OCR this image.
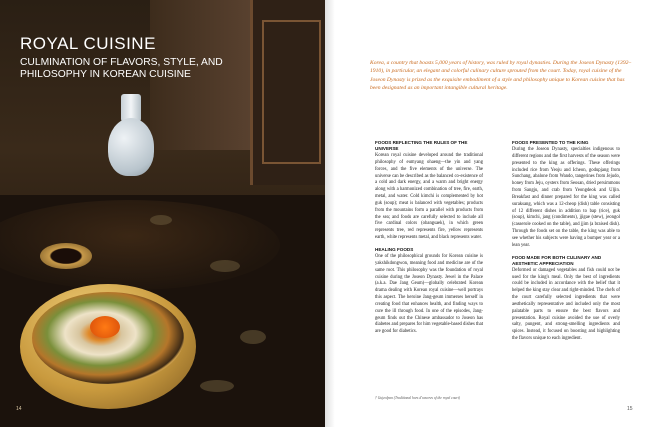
ROYAL CUISINE

CULMINATION OF FLAVORS, STYLE, AND PHILOSOPHY IN KOREAN CUISINE

14

Korea, a country that boasts 5,000 years of history, was ruled by royal dynasties. During the Joseon Dynasty (1392–1910), in particular, an elegant and colorful culinary culture sprouted from the court. Today, royal cuisine of the Joseon Dynasty is prized as the exquisite embodiment of a style and philosophy unique to Korean cuisine that has been designated as an important intangible cultural heritage.

FOODS REFLECTING THE RULES OF THE UNIVERSE

Korean royal cuisine developed around the traditional philosophy of eumyang ohaeng—the yin and yang forces, and the five elements of the universe. The universe can be described as the balanced co-existence of a cold and dark energy, and a warm and bright energy along with a harmonized combination of tree, fire, earth, metal, and water. Cold kimchi is complemented by hot guk (soup); meat is balanced with vegetables; products from the mountains form a parallel with products from the sea; and foods are carefully selected to include all five cardinal colors (obangsaek), in which green represents tree, red represents fire, yellow represents earth, white represents metal, and black represents water.

HEALING FOODS

One of the philosophical grounds for Korean cuisine is yakshikdongwon, meaning food and medicine are of the same root. This philosophy was the foundation of royal cuisine during the Joseon Dynasty. Jewel in the Palace (a.k.a. Dae Jang Geum)—globally celebrated Korean drama dealing with Korean royal cuisine—well portrays this aspect. The heroine Jang-geum immerses herself in creating food that enhances health, and finding ways to cure the ill through food. In one of the episodes, Jang-geum finds out the Chinese ambassador to Joseon has diabetes and prepares for him vegetable-based dishes that are good for diabetics.

FOODS PRESENTED TO THE KING

During the Joseon Dynasty, specialties indigenous to different regions and the first harvests of the season were presented to the king as offerings. These offerings included rice from Yeoju and Icheon, godupjang from Sunchang, abalone from Wando, tangerines from Jejudo, honey from Jeju, oysters from Seosan, dried persimmons from Sangju, and crab from Yeongdeok and Uljin. Breakfast and dinner prepared for the king was called suraksang, which was a 12-cheop (dish) table consisting of 12 different dishes in addition to bap (rice), guk (soup), kimchi, jang (condiments), jjigae (stew), jeongol (casserole cooked on the table), and jjim (a braised dish). Through the foods set on the table, the king was able to see whether his subjects were having a bumper year or a lean year.

FOOD MADE FOR BOTH CULINARY AND AESTHETIC APPRECIATION

Deformed or damaged vegetables and fish could not be used for the king's meal. Only the best of ingredients could be included in accordance with the belief that it helped the king stay clear and right-minded. The chefs of the court carefully selected ingredients that were aesthetically representative and included only the most palatable parts to ensure the best flavors and presentation. Royal cuisine avoided the use of overly salty, pungent, and strong-smelling ingredients and spices. Instead, it focused on boosting and highlighting the flavors unique to each ingredient.

† Gujeolpan (Traditional hors d'oeuvres of the royal court)
15
